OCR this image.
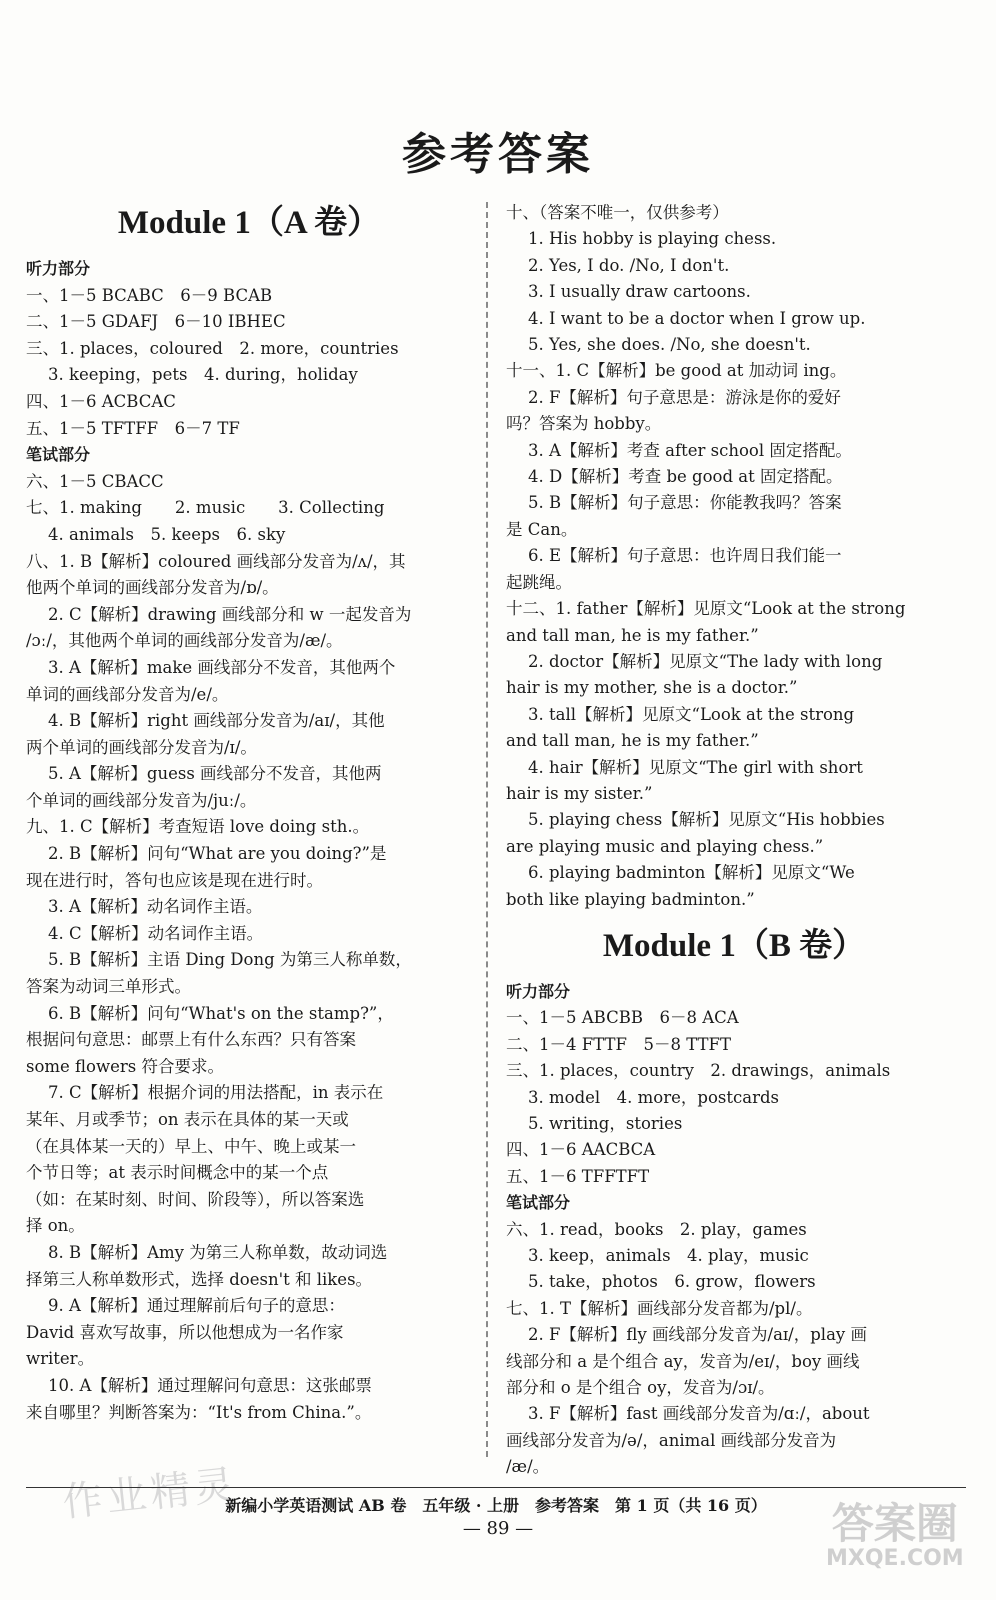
参考答案
Module 1（A 卷）
听力部分
一、1－5 BCABC　6－9 BCAB
二、1－5 GDAFJ　6－10 IBHEC
三、1. places，coloured　2. more，countries
3. keeping，pets　4. during，holiday
四、1－6 ACBCAC
五、1－5 TFTFF　6－7 TF
笔试部分
六、1－5 CBACC
七、1. making　　2. music　　3. Collecting
4. animals　5. keeps　6. sky
八、1. B【解析】coloured 画线部分发音为/ʌ/，其
他两个单词的画线部分发音为/ɒ/。
2. C【解析】drawing 画线部分和 w 一起发音为
/ɔː/，其他两个单词的画线部分发音为/æ/。
3. A【解析】make 画线部分不发音，其他两个
单词的画线部分发音为/e/。
4. B【解析】right 画线部分发音为/aɪ/，其他
两个单词的画线部分发音为/ɪ/。
5. A【解析】guess 画线部分不发音，其他两
个单词的画线部分发音为/juː/。
九、1. C【解析】考查短语 love doing sth.。
2. B【解析】问句“What are you doing?”是
现在进行时，答句也应该是现在进行时。
3. A【解析】动名词作主语。
4. C【解析】动名词作主语。
5. B【解析】主语 Ding Dong 为第三人称单数，
答案为动词三单形式。
6. B【解析】问句“What's on the stamp?”，
根据问句意思：邮票上有什么东西？只有答案
some flowers 符合要求。
7. C【解析】根据介词的用法搭配，in 表示在
某年、月或季节；on 表示在具体的某一天或
（在具体某一天的）早上、中午、晚上或某一
个节日等；at 表示时间概念中的某一个点
（如：在某时刻、时间、阶段等），所以答案选
择 on。
8. B【解析】Amy 为第三人称单数，故动词选
择第三人称单数形式，选择 doesn't 和 likes。
9. A【解析】通过理解前后句子的意思：
David 喜欢写故事，所以他想成为一名作家
writer。
10. A【解析】通过理解问句意思：这张邮票
来自哪里？判断答案为：“It's from China.”。
十、（答案不唯一，仅供参考）
1. His hobby is playing chess.
2. Yes, I do. /No, I don't.
3. I usually draw cartoons.
4. I want to be a doctor when I grow up.
5. Yes, she does. /No, she doesn't.
十一、1. C【解析】be good at 加动词 ing。
2. F【解析】句子意思是：游泳是你的爱好
吗？答案为 hobby。
3. A【解析】考查 after school 固定搭配。
4. D【解析】考查 be good at 固定搭配。
5. B【解析】句子意思：你能教我吗？答案
是 Can。
6. E【解析】句子意思：也许周日我们能一
起跳绳。
十二、1. father【解析】见原文“Look at the strong
and tall man, he is my father.”
2. doctor【解析】见原文“The lady with long
hair is my mother, she is a doctor.”
3. tall【解析】见原文“Look at the strong
and tall man, he is my father.”
4. hair【解析】见原文“The girl with short
hair is my sister.”
5. playing chess【解析】见原文“His hobbies
are playing music and playing chess.”
6. playing badminton【解析】见原文“We
both like playing badminton.”
Module 1（B 卷）
听力部分
一、1－5 ABCBB　6－8 ACA
二、1－4 FTTF　5－8 TTFT
三、1. places，country　2. drawings，animals
3. model　4. more，postcards
5. writing，stories
四、1－6 AACBCA
五、1－6 TFFTFT
笔试部分
六、1. read，books　2. play，games
3. keep，animals　4. play，music
5. take，photos　6. grow，flowers
七、1. T【解析】画线部分发音都为/pl/。
2. F【解析】fly 画线部分发音为/aɪ/，play 画
线部分和 a 是个组合 ay，发音为/eɪ/，boy 画线
部分和 o 是个组合 oy，发音为/ɔɪ/。
3. F【解析】fast 画线部分发音为/ɑː/，about
画线部分发音为/ə/，animal 画线部分发音为
/æ/。
作业精灵	答案圈
MXQE.COM
新编小学英语测试 AB 卷　五年级 · 上册　参考答案　第 1 页（共 16 页）
— 89 —
